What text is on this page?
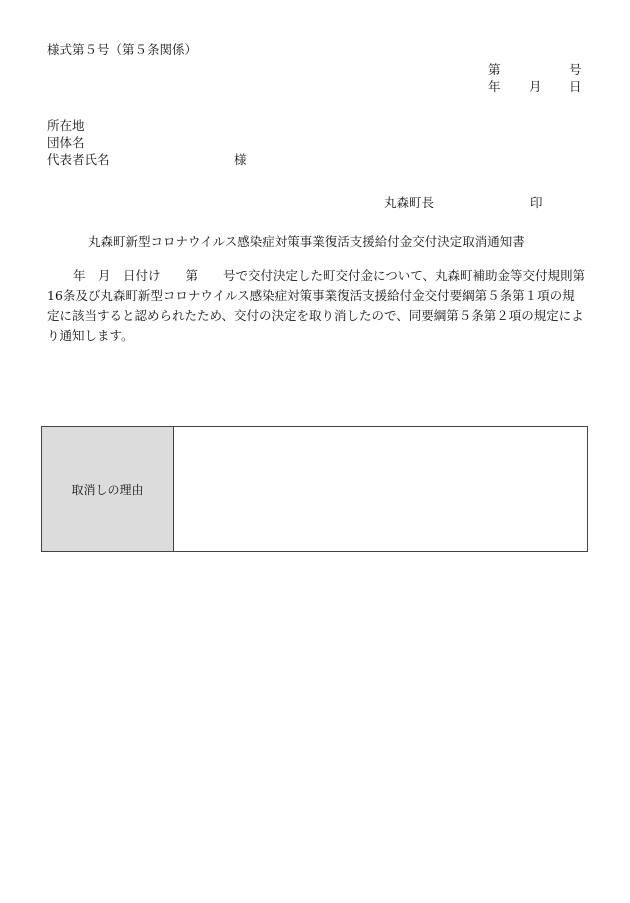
様式第５号（第５条関係）
第	号
年 月 日
所在地
団体名
代表者氏名	様
丸森町長	印
丸森町新型コロナウイルス感染症対策事業復活支援給付金交付決定取消通知書
年　月　日付け　　第　　号で交付決定した町交付金について、丸森町補助金等交付規則第16条及び丸森町新型コロナウイルス感染症対策事業復活支援給付金交付要綱第５条第１項の規定に該当すると認められたため、交付の決定を取り消したので、同要綱第５条第２項の規定により通知します。
取消しの理由
